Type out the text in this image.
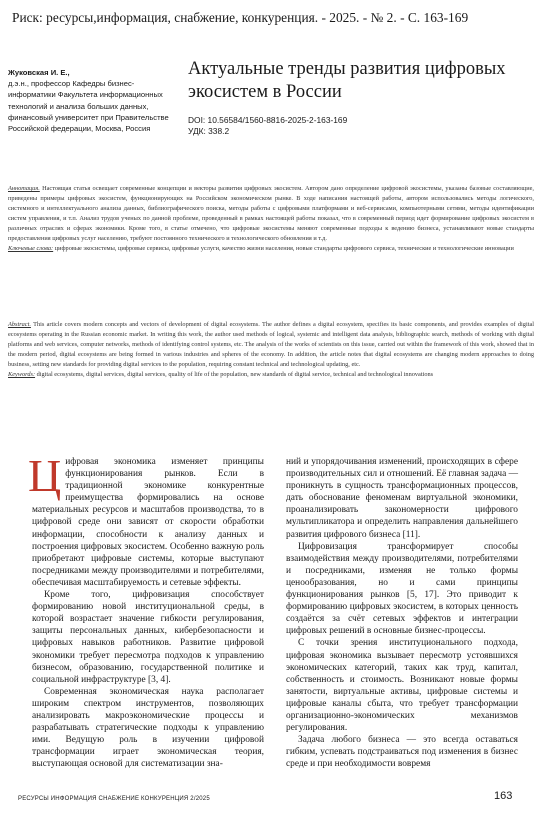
Риск: ресурсы,информация, снабжение, конкуренция. - 2025. - № 2. - С. 163-169
Жуковская И. Е.,
д.э.н., профессор Кафедры бизнес-информатики Факультета информационных технологий и анализа больших данных, финансовый университет при Правительстве Российской федерации, Москва, Россия
Актуальные тренды развития цифровых экосистем в России
DOI: 10.56584/1560-8816-2025-2-163-169
УДК: 338.2
Аннотация. Настоящая статья освещает современные концепции и векторы развития цифровых экосистем. Автором дано определение цифровой экосистемы, указаны базовые составляющие, приведены примеры цифровых экосистем, функционирующих на Российском экономическом рынке. В ходе написания настоящей работы, автором использовались методы логического, системного и интеллектуального анализа данных, библиографического поиска, методы работы с цифровыми платформами и веб-сервисами, компьютерными сетями, методы идентификации систем управления, и т.п. Анализ трудов ученых по данной проблеме, проведенный в рамках настоящей работы показал, что в современный период идет формирование цифровых экосистем в различных отраслях и сферах экономики. Кроме того, в статье отмечено, что цифровые экосистемы меняют современные подходы к ведению бизнеса, устанавливают новые стандарты предоставления цифровых услуг населению, требуют постоянного технического и технологического обновления и т.д.
Ключевые слова: цифровые экосистемы, цифровые сервисы, цифровые услуги, качество жизни населения, новые стандарты цифрового сервиса, технические и технологические инновации
Abstract. This article covers modern concepts and vectors of development of digital ecosystems. The author defines a digital ecosystem, specifies its basic components, and provides examples of digital ecosystems operating in the Russian economic market. In writing this work, the author used methods of logical, systemic and intelligent data analysis, bibliographic search, methods of working with digital platforms and web services, computer networks, methods of identifying control systems, etc. The analysis of the works of scientists on this issue, carried out within the framework of this work, showed that in the modern period, digital ecosystems are being formed in various industries and spheres of the economy. In addition, the article notes that digital ecosystems are changing modern approaches to doing business, setting new standards for providing digital services to the population, requiring constant technical and technological updating, etc.
Keywords: digital ecosystems, digital services, digital services, quality of life of the population, new standards of digital service, technical and technological innovations

Цифровая экономика изменяет принципы функционирования рынков. Если в традиционной экономике конкурентные преимущества формировались на основе материальных ресурсов и масштабов производства, то в цифровой среде они зависят от скорости обработки информации, способности к анализу данных и построения цифровых экосистем. Особенно важную роль приобретают цифровые системы, которые выступают посредниками между производителями и потребителями, обеспечивая масштабируемость и сетевые эффекты.

Кроме того, цифровизация способствует формированию новой институциональной среды, в которой возрастает значение гибкости регулирования, защиты персональных данных, кибербезопасности и цифровых навыков работников. Развитие цифровой экономики требует пересмотра подходов к управлению бизнесом, образованию, государственной политике и социальной инфраструктуре [3, 4].

Современная экономическая наука располагает широким спектром инструментов, позволяющих анализировать макроэкономические процессы и разрабатывать стратегические подходы к управлению ими. Ведущую роль в изучении цифровой трансформации играет экономическая теория, выступающая основой для систематизации зна-

ний и упорядочивания изменений, происходящих в сфере производительных сил и отношений. Её главная задача — проникнуть в сущность трансформационных процессов, дать обоснование феноменам виртуальной экономики, проанализировать закономерности цифрового мультипликатора и определить направления дальнейшего развития цифрового бизнеса [11].

Цифровизация трансформирует способы взаимодействия между производителями, потребителями и посредниками, изменяя не только формы ценообразования, но и сами принципы функционирования рынков [5, 17]. Это приводит к формированию цифровых экосистем, в которых ценность создаётся за счёт сетевых эффектов и интеграции цифровых решений в основные бизнес-процессы.

С точки зрения институционального подхода, цифровая экономика вызывает пересмотр устоявшихся экономических категорий, таких как труд, капитал, собственность и стоимость. Возникают новые формы занятости, виртуальные активы, цифровые системы и цифровые каналы сбыта, что требует трансформации организационно-экономических механизмов регулирования.

Задача любого бизнеса — это всегда оставаться гибким, успевать подстраиваться под изменения в бизнес среде и при необходимости вовремя

РЕСУРСЫ ИНФОРМАЦИЯ СНАБЖЕНИЕ КОНКУРЕНЦИЯ 2/2025	163
